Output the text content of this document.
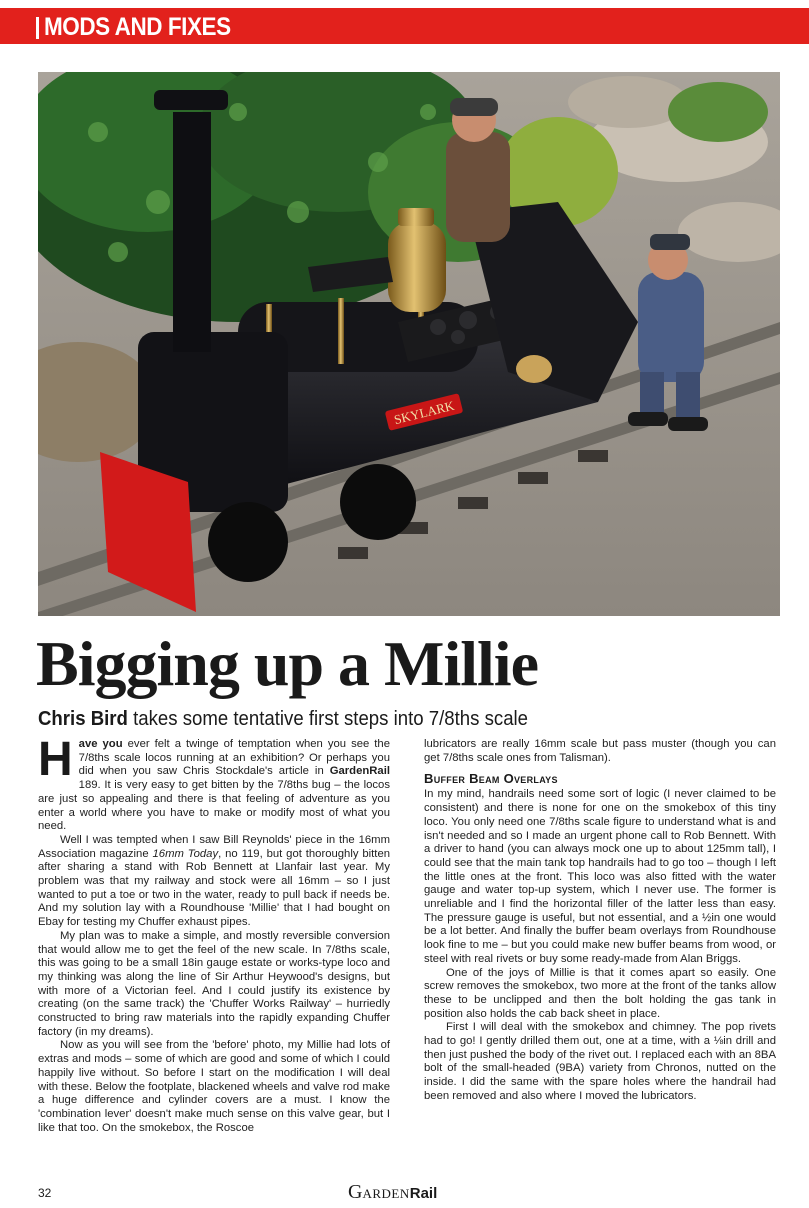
MODS AND FIXES
SKYLARK
Bigging up a Millie
Chris Bird takes some tentative first steps into 7/8ths scale

Have you ever felt a twinge of temptation when you see the 7/8ths scale locos running at an exhibition? Or perhaps you did when you saw Chris Stockdale's article in GardenRail 189. It is very easy to get bitten by the 7/8ths bug – the locos are just so appealing and there is that feeling of adventure as you enter a world where you have to make or modify most of what you need.

Well I was tempted when I saw Bill Reynolds' piece in the 16mm Association magazine 16mm Today, no 119, but got thoroughly bitten after sharing a stand with Rob Bennett at Llanfair last year. My problem was that my railway and stock were all 16mm – so I just wanted to put a toe or two in the water, ready to pull back if needs be. And my solution lay with a Roundhouse 'Millie' that I had bought on Ebay for testing my Chuffer exhaust pipes.

My plan was to make a simple, and mostly reversible conversion that would allow me to get the feel of the new scale. In 7/8ths scale, this was going to be a small 18in gauge estate or works-type loco and my thinking was along the line of Sir Arthur Heywood's designs, but with more of a Victorian feel. And I could justify its existence by creating (on the same track) the 'Chuffer Works Railway' – hurriedly constructed to bring raw materials into the rapidly expanding Chuffer factory (in my dreams).

Now as you will see from the 'before' photo, my Millie had lots of extras and mods – some of which are good and some of which I could happily live without. So before I start on the modification I will deal with these. Below the footplate, blackened wheels and valve rod make a huge difference and cylinder covers are a must. I know the 'combination lever' doesn't make much sense on this valve gear, but I like that too. On the smokebox, the Roscoe

lubricators are really 16mm scale but pass muster (though you can get 7/8ths scale ones from Talisman).

Buffer Beam Overlays

In my mind, handrails need some sort of logic (I never claimed to be consistent) and there is none for one on the smokebox of this tiny loco. You only need one 7/8ths scale figure to understand what is and isn't needed and so I made an urgent phone call to Rob Bennett. With a driver to hand (you can always mock one up to about 125mm tall), I could see that the main tank top handrails had to go too – though I left the little ones at the front. This loco was also fitted with the water gauge and water top-up system, which I never use. The former is unreliable and I find the horizontal filler of the latter less than easy. The pressure gauge is useful, but not essential, and a ½in one would be a lot better. And finally the buffer beam overlays from Roundhouse look fine to me – but you could make new buffer beams from wood, or steel with real rivets or buy some ready-made from Alan Briggs.

One of the joys of Millie is that it comes apart so easily. One screw removes the smokebox, two more at the front of the tanks allow these to be unclipped and then the bolt holding the gas tank in position also holds the cab back sheet in place.

First I will deal with the smokebox and chimney. The pop rivets had to go! I gently drilled them out, one at a time, with a ⅛in drill and then just pushed the body of the rivet out. I replaced each with an 8BA bolt of the small-headed (9BA) variety from Chronos, nutted on the inside. I did the same with the spare holes where the handrail had been removed and also where I moved the lubricators.

32	GARDENRail
